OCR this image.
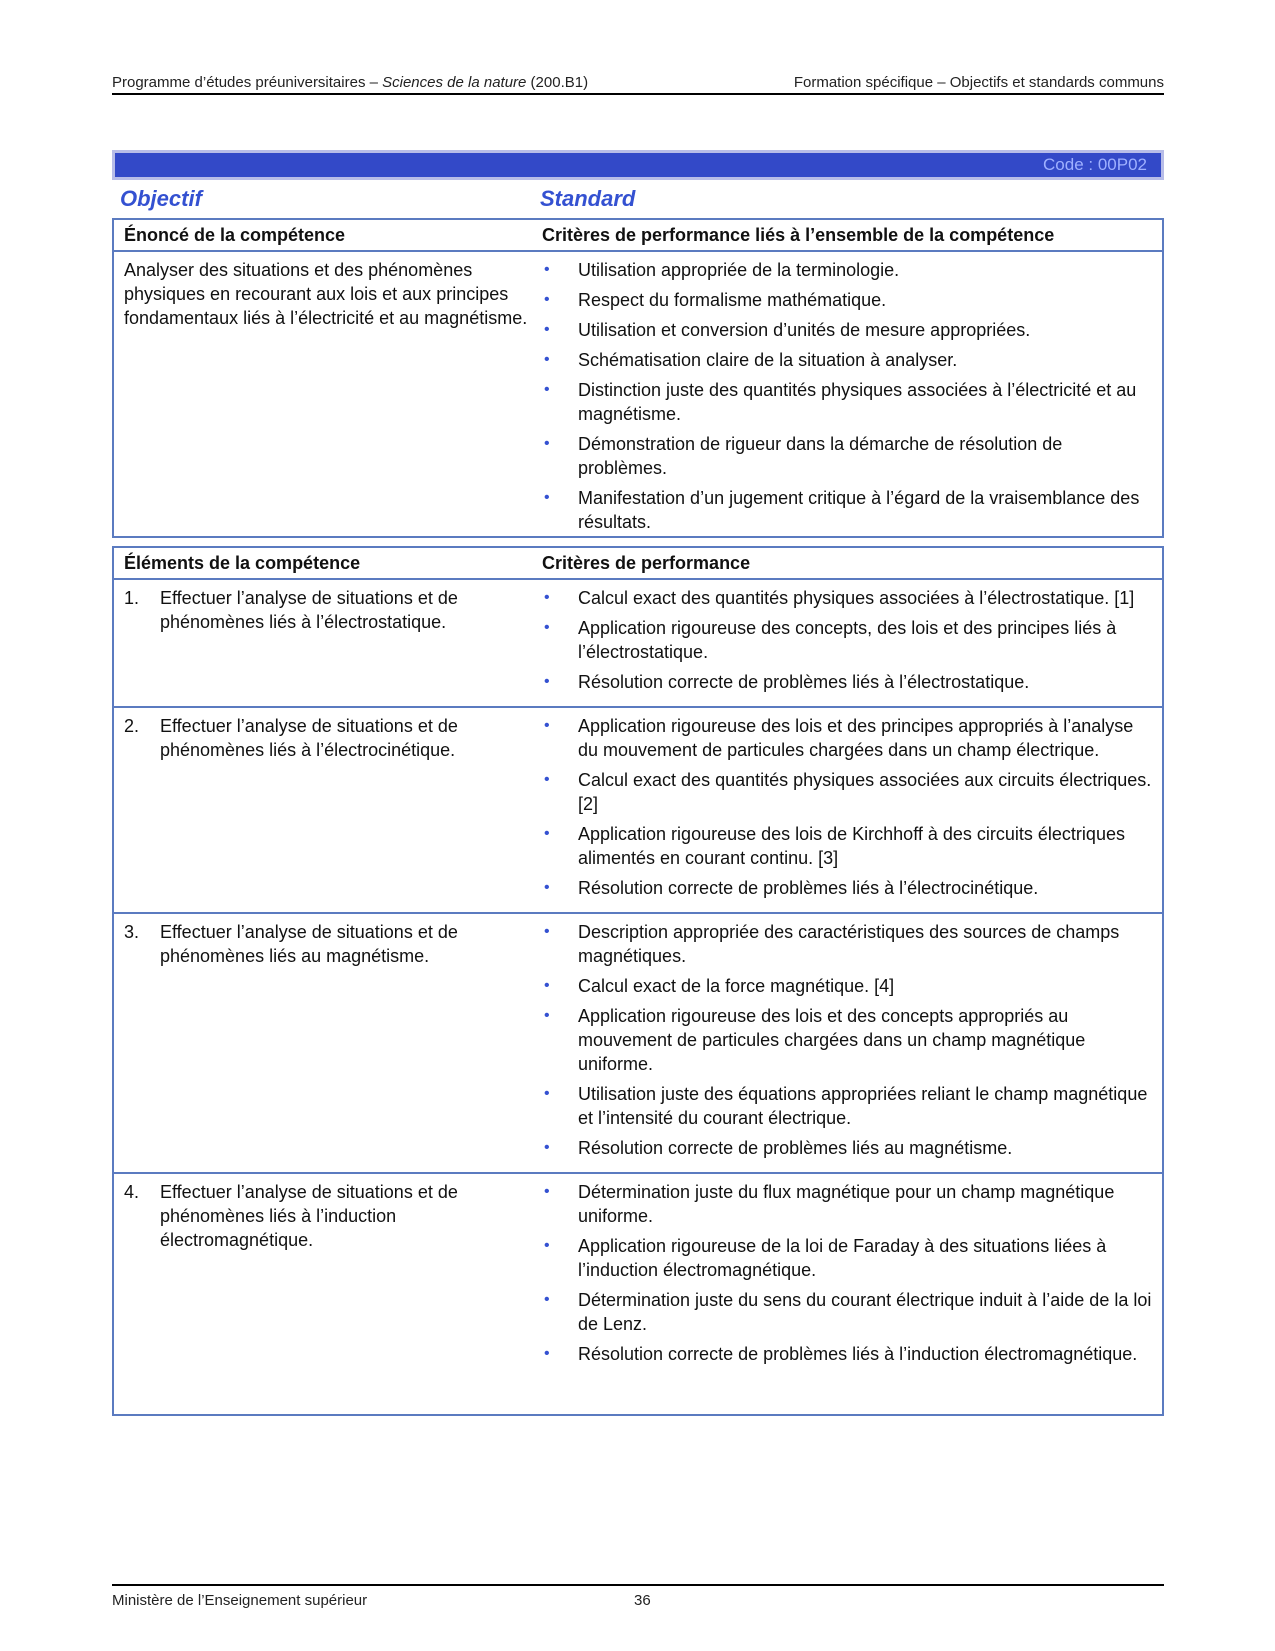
Programme d’études préuniversitaires – Sciences de la nature (200.B1)	Formation spécifique – Objectifs et standards communs
Code : 00P02
Objectif	Standard
Énoncé de la compétence	Critères de performance liés à l’ensemble de la compétence
Analyser des situations et des phénomènes physiques en recourant aux lois et aux principes fondamentaux liés à l’électricité et au magnétisme.
•	Utilisation appropriée de la terminologie.
•	Respect du formalisme mathématique.
•	Utilisation et conversion d’unités de mesure appropriées.
•	Schématisation claire de la situation à analyser.
•	Distinction juste des quantités physiques associées à l’électricité et au magnétisme.
•	Démonstration de rigueur dans la démarche de résolution de problèmes.
•	Manifestation d’un jugement critique à l’égard de la vraisemblance des résultats.
Éléments de la compétence	Critères de performance
1.	Effectuer l’analyse de situations et de phénomènes liés à l’électrostatique.
•	Calcul exact des quantités physiques associées à l’électrostatique. [1]
•	Application rigoureuse des concepts, des lois et des principes liés à l’électrostatique.
•	Résolution correcte de problèmes liés à l’électrostatique.
2.	Effectuer l’analyse de situations et de phénomènes liés à l’électrocinétique.
•	Application rigoureuse des lois et des principes appropriés à l’analyse du mouvement de particules chargées dans un champ électrique.
•	Calcul exact des quantités physiques associées aux circuits électriques. [2]
•	Application rigoureuse des lois de Kirchhoff à des circuits électriques alimentés en courant continu. [3]
•	Résolution correcte de problèmes liés à l’électrocinétique.
3.	Effectuer l’analyse de situations et de phénomènes liés au magnétisme.
•	Description appropriée des caractéristiques des sources de champs magnétiques.
•	Calcul exact de la force magnétique. [4]
•	Application rigoureuse des lois et des concepts appropriés au mouvement de particules chargées dans un champ magnétique uniforme.
•	Utilisation juste des équations appropriées reliant le champ magnétique et l’intensité du courant électrique.
•	Résolution correcte de problèmes liés au magnétisme.
4.	Effectuer l’analyse de situations et de phénomènes liés à l’induction électromagnétique.
•	Détermination juste du flux magnétique pour un champ magnétique uniforme.
•	Application rigoureuse de la loi de Faraday à des situations liées à l’induction électromagnétique.
•	Détermination juste du sens du courant électrique induit à l’aide de la loi de Lenz.
•	Résolution correcte de problèmes liés à l’induction électromagnétique.
Ministère de l’Enseignement supérieur	36
